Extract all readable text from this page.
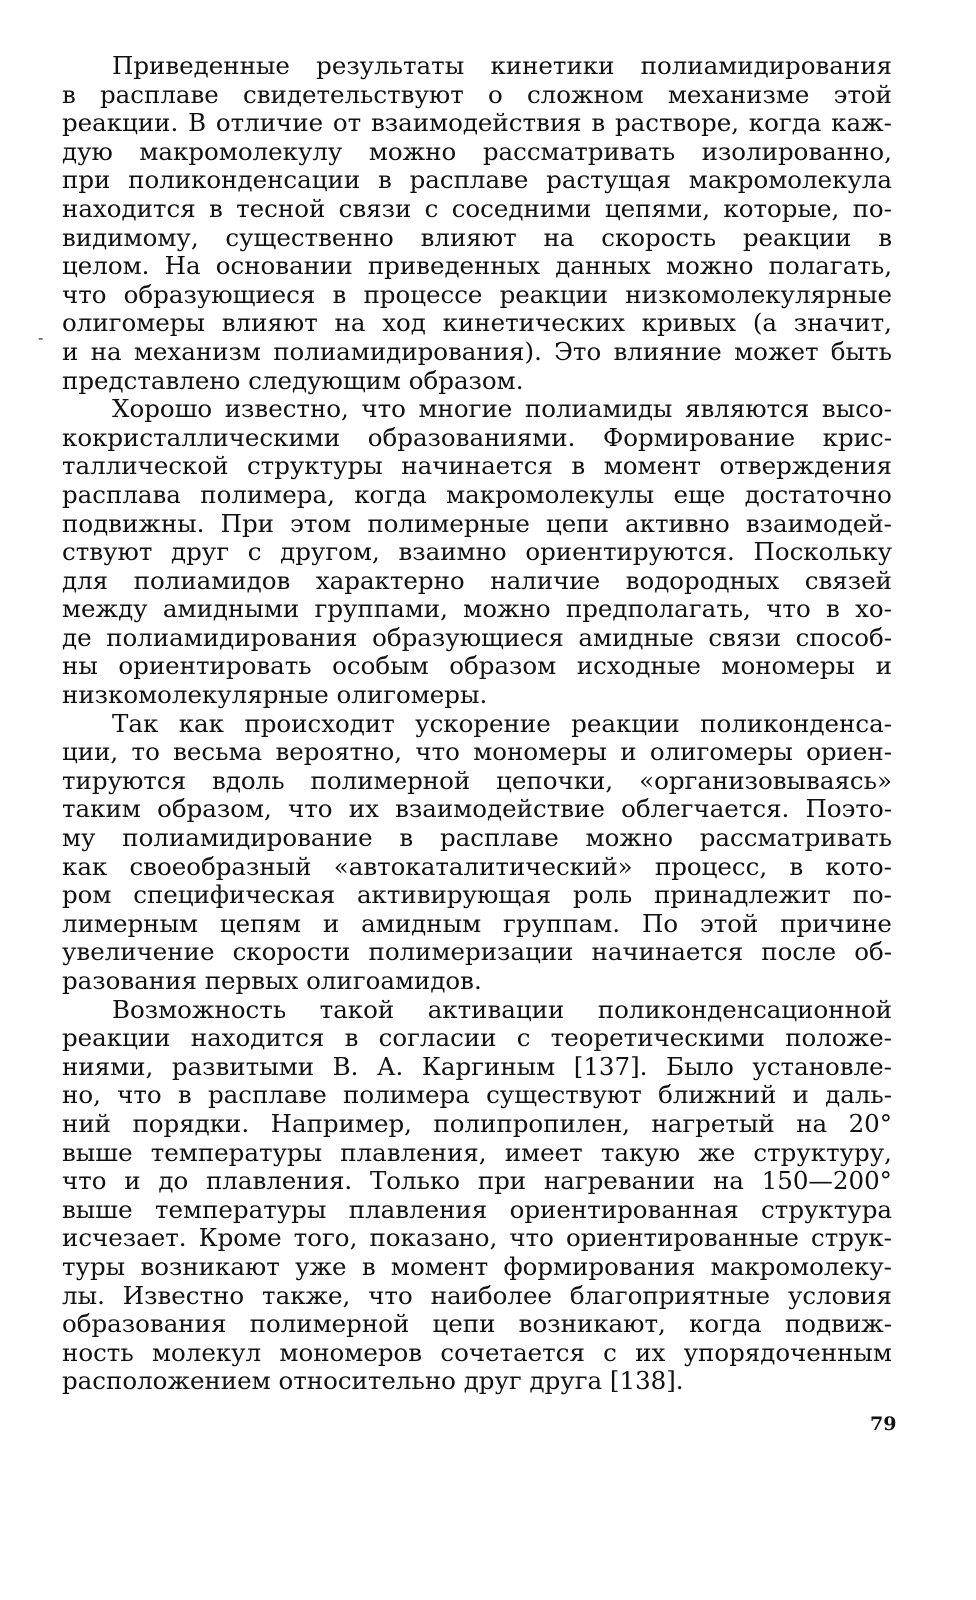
Приведенные результаты кинетики полиамидирования
в расплаве свидетельствуют о сложном механизме этой
реакции. В отличие от взаимодействия в растворе, когда каж-
дую макромолекулу можно рассматривать изолированно,
при поликонденсации в расплаве растущая макромолекула
находится в тесной связи с соседними цепями, которые, по-
видимому, существенно влияют на скорость реакции в
целом. На основании приведенных данных можно полагать,
что образующиеся в процессе реакции низкомолекулярные
олигомеры влияют на ход кинетических кривых (а значит,
и на механизм полиамидирования). Это влияние может быть
представлено следующим образом.
Хорошо известно, что многие полиамиды являются высо-
кокристаллическими образованиями. Формирование крис-
таллической структуры начинается в момент отверждения
расплава полимера, когда макромолекулы еще достаточно
подвижны. При этом полимерные цепи активно взаимодей-
ствуют друг с другом, взаимно ориентируются. Поскольку
для полиамидов характерно наличие водородных связей
между амидными группами, можно предполагать, что в хо-
де полиамидирования образующиеся амидные связи способ-
ны ориентировать особым образом исходные мономеры и
низкомолекулярные олигомеры.
Так как происходит ускорение реакции поликонденса-
ции, то весьма вероятно, что мономеры и олигомеры ориен-
тируются вдоль полимерной цепочки, «организовываясь»
таким образом, что их взаимодействие облегчается. Поэто-
му полиамидирование в расплаве можно рассматривать
как своеобразный «автокаталитический» процесс, в кото-
ром специфическая активирующая роль принадлежит по-
лимерным цепям и амидным группам. По этой причине
увеличение скорости полимеризации начинается после об-
разования первых олигоамидов.
Возможность такой активации поликонденсационной
реакции находится в согласии с теоретическими положе-
ниями, развитыми В. А. Каргиным [137]. Было установле-
но, что в расплаве полимера существуют ближний и даль-
ний порядки. Например, полипропилен, нагретый на 20°
выше температуры плавления, имеет такую же структуру,
что и до плавления. Только при нагревании на 150—200°
выше температуры плавления ориентированная структура
исчезает. Кроме того, показано, что ориентированные струк-
туры возникают уже в момент формирования макромолеку-
лы. Известно также, что наиболее благоприятные условия
образования полимерной цепи возникают, когда подвиж-
ность молекул мономеров сочетается с их упорядоченным
расположением относительно друг друга [138].
-
79
